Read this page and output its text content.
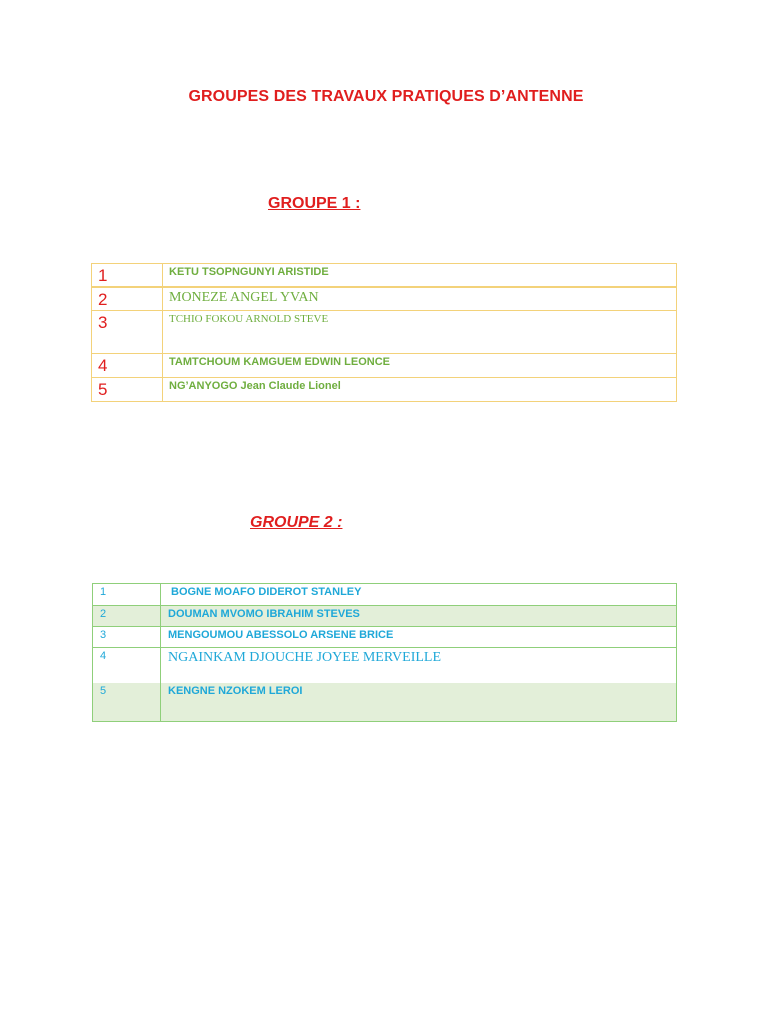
GROUPES DES TRAVAUX PRATIQUES D’ANTENNE
GROUPE 1 :
1	KETU TSOPNGUNYI ARISTIDE
2	MONEZE ANGEL YVAN
3	TCHIO FOKOU ARNOLD STEVE
4	TAMTCHOUM KAMGUEM EDWIN LEONCE
5	NG’ANYOGO Jean Claude Lionel
GROUPE 2 :
1	BOGNE MOAFO DIDEROT STANLEY
2	DOUMAN MVOMO IBRAHIM STEVES
3	MENGOUMOU ABESSOLO ARSENE BRICE
4	NGAINKAM DJOUCHE JOYEE MERVEILLE
5	KENGNE NZOKEM LEROI
